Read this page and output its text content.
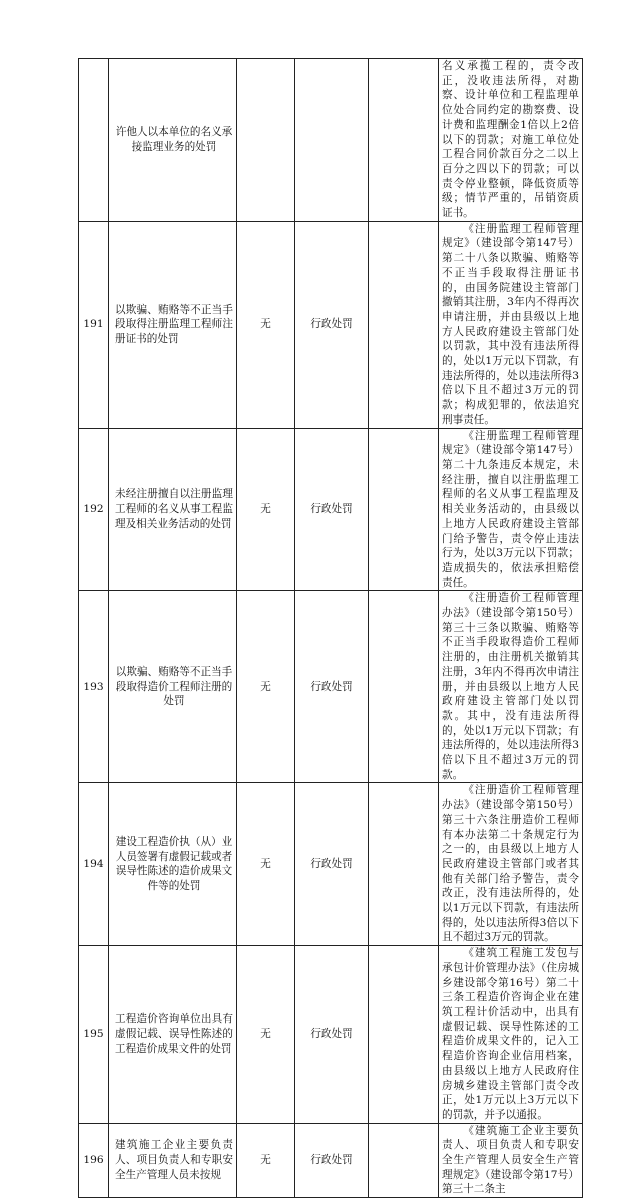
	许他人以本单位的名义承接监理业务的处罚				名义承揽工程的，责令改正，没收违法所得，对勘察、设计单位和工程监理单位处合同约定的勘察费、设计费和监理酬金1倍以上2倍以下的罚款；对施工单位处工程合同价款百分之二以上百分之四以下的罚款；可以责令停业整顿，降低资质等级；情节严重的，吊销资质证书。

191	以欺骗、贿赂等不正当手段取得注册监理工程师注册证书的处罚	无	行政处罚		《注册监理工程师管理规定》（建设部令第147号）第二十八条以欺骗、贿赂等不正当手段取得注册证书的，由国务院建设主管部门撤销其注册，3年内不得再次申请注册，并由县级以上地方人民政府建设主管部门处以罚款，其中没有违法所得的，处以1万元以下罚款，有违法所得的，处以违法所得3倍以下且不超过3万元的罚款；构成犯罪的，依法追究刑事责任。

192	未经注册擅自以注册监理工程师的名义从事工程监理及相关业务活动的处罚	无	行政处罚		《注册监理工程师管理规定》（建设部令第147号）第二十九条违反本规定，未经注册，擅自以注册监理工程师的名义从事工程监理及相关业务活动的，由县级以上地方人民政府建设主管部门给予警告，责令停止违法行为，处以3万元以下罚款；造成损失的，依法承担赔偿责任。

193	以欺骗、贿赂等不正当手段取得造价工程师注册的处罚	无	行政处罚		《注册造价工程师管理办法》（建设部令第150号）第三十三条以欺骗、贿赂等不正当手段取得造价工程师注册的，由注册机关撤销其注册，3年内不得再次申请注册，并由县级以上地方人民政府建设主管部门处以罚款。其中，没有违法所得的，处以1万元以下罚款；有违法所得的，处以违法所得3倍以下且不超过3万元的罚款。

194	建设工程造价执（从）业人员签署有虚假记载或者误导性陈述的造价成果文件等的处罚	无	行政处罚		《注册造价工程师管理办法》（建设部令第150号）第三十六条注册造价工程师有本办法第二十条规定行为之一的，由县级以上地方人民政府建设主管部门或者其他有关部门给予警告，责令改正，没有违法所得的，处以1万元以下罚款，有违法所得的，处以违法所得3倍以下且不超过3万元的罚款。

195	工程造价咨询单位出具有虚假记载、误导性陈述的工程造价成果文件的处罚	无	行政处罚		《建筑工程施工发包与承包计价管理办法》（住房城乡建设部令第16号）第二十三条工程造价咨询企业在建筑工程计价活动中，出具有虚假记载、误导性陈述的工程造价成果文件的，记入工程造价咨询企业信用档案，由县级以上地方人民政府住房城乡建设主管部门责令改正，处1万元以上3万元以下的罚款，并予以通报。

196	建筑施工企业主要负责人、项目负责人和专职安全生产管理人员未按规	无	行政处罚		《建筑施工企业主要负责人、项目负责人和专职安全生产管理人员安全生产管理规定》（建设部令第17号）第三十二条主
